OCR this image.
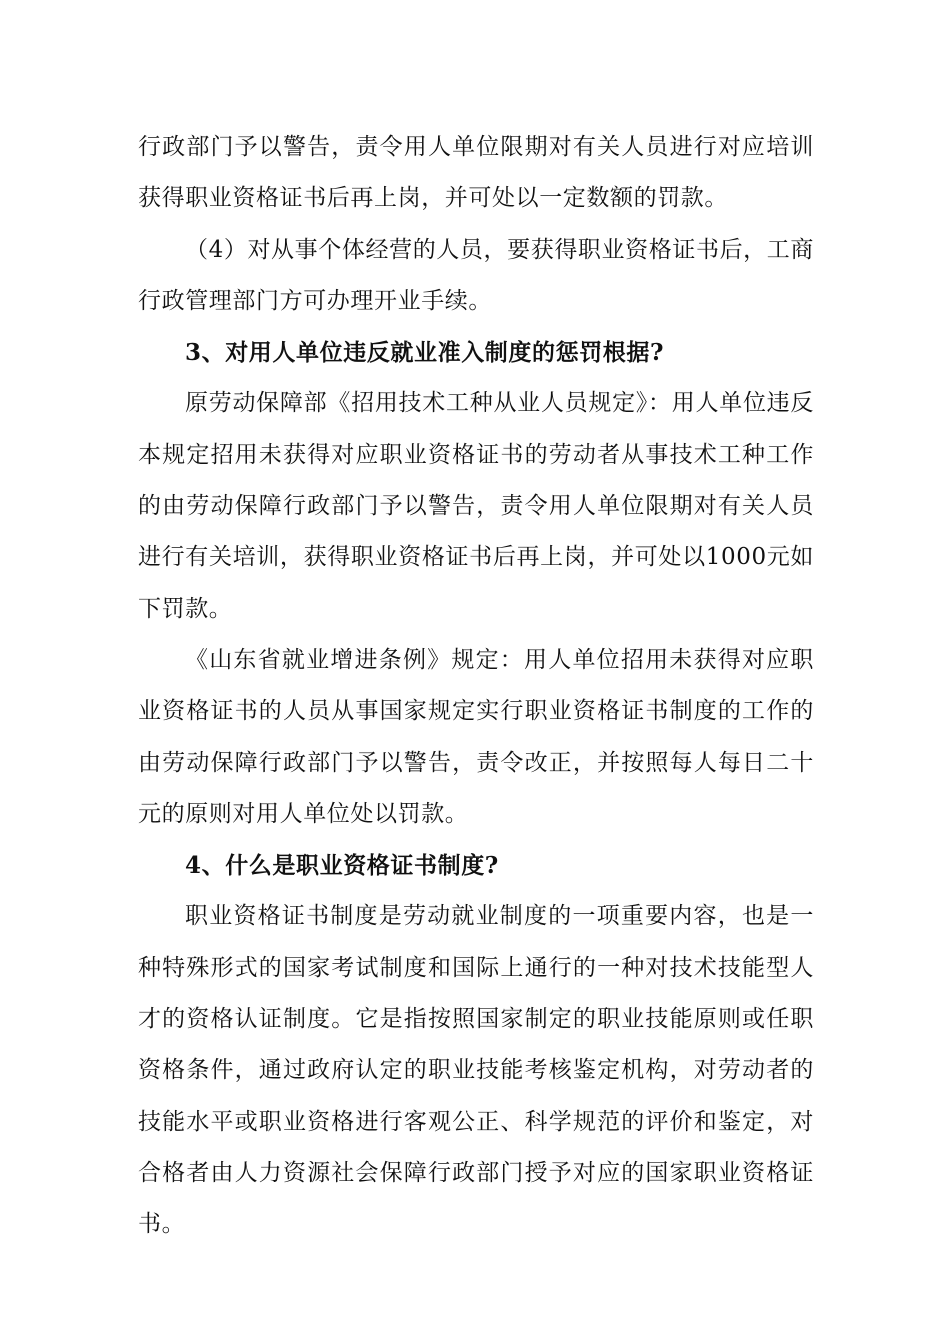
行政部门予以警告，责令用人单位限期对有关人员进行对应培训获得职业资格证书后再上岗，并可处以一定数额的罚款。

（4）对从事个体经营的人员，要获得职业资格证书后，工商行政管理部门方可办理开业手续。

3、对用人单位违反就业准入制度的惩罚根据?

原劳动保障部《招用技术工种从业人员规定》：用人单位违反本规定招用未获得对应职业资格证书的劳动者从事技术工种工作的由劳动保障行政部门予以警告，责令用人单位限期对有关人员进行有关培训，获得职业资格证书后再上岗，并可处以1000元如下罚款。

《山东省就业增进条例》规定：用人单位招用未获得对应职业资格证书的人员从事国家规定实行职业资格证书制度的工作的由劳动保障行政部门予以警告，责令改正，并按照每人每日二十元的原则对用人单位处以罚款。

4、什么是职业资格证书制度?

职业资格证书制度是劳动就业制度的一项重要内容，也是一种特殊形式的国家考试制度和国际上通行的一种对技术技能型人才的资格认证制度。它是指按照国家制定的职业技能原则或任职资格条件，通过政府认定的职业技能考核鉴定机构，对劳动者的技能水平或职业资格进行客观公正、科学规范的评价和鉴定，对合格者由人力资源社会保障行政部门授予对应的国家职业资格证书。
